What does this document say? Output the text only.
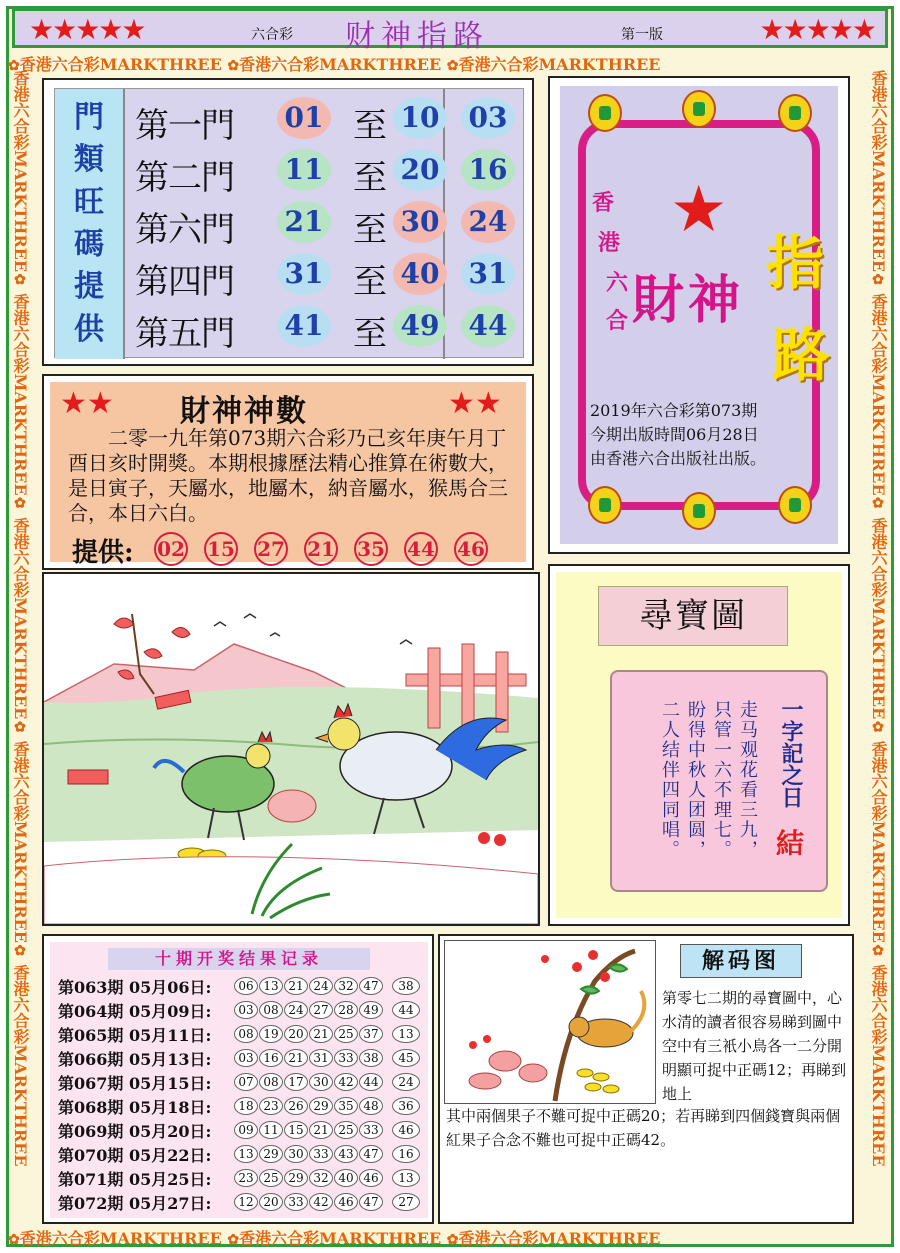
★★★★★	六合彩 财神指路	第一版	★★★★★
✿香港六合彩MARKTHREE ✿香港六合彩MARKTHREE ✿香港六合彩MARKTHREE
✿香港六合彩MARKTHREE ✿香港六合彩MARKTHREE ✿香港六合彩MARKTHREE
香港六合彩MARKTHREE✿ 香港六合彩MARKTHREE✿ 香港六合彩MARKTHREE✿ 香港六合彩MARKTHREE✿ 香港六合彩MARKTHREE
香港六合彩MARKTHREE✿ 香港六合彩MARKTHREE✿ 香港六合彩MARKTHREE✿ 香港六合彩MARKTHREE✿ 香港六合彩MARKTHREE
門
類
旺
碼
提
供
第一門 01 至 10 03
第二門 11 至 20 16
第六門 21 至 30 24
第四門 31 至 40 31
第五門 41 至 49 44
★
香
港
六
合 財 神
指
路
2019年六合彩第073期
今期出版時間06月28日
由香港六合出版社出版。
★★ 財神神數	★★
二零一九年第073期六合彩乃己亥年庚午月丁酉日亥时開獎。本期根據歷法精心推算在術數大，是日寅子，天屬水，地屬木，納音屬水，猴馬合三合，本日六白。
提供: 02 15 27 21 35 44 46
尋寶圖
走马观花看三九，
只管一六不理七。
盼得中秋人团圆，
二人结伴四同唱。	一字記之日
結
十期开奖结果记录
第063期 05月06日:	06 13 21 24 32 47	38
第064期 05月09日:	03 08 24 27 28 49	44
第065期 05月11日:	08 19 20 21 25 37	13
第066期 05月13日:	03 16 21 31 33 38	45
第067期 05月15日:	07 08 17 30 42 44	24
第068期 05月18日:	18 23 26 29 35 48	36
第069期 05月20日:	09 11 15 21 25 33	46
第070期 05月22日:	13 29 30 33 43 47	16
第071期 05月25日:	23 25 29 32 40 46	13
第072期 05月27日:	12 20 33 42 46 47	27
解码图
第零七二期的尋寶圖中，心水清的讀者很容易睇到圖中空中有三衹小鳥各一二分開明顯可捉中正碼12；再睇到地上
其中兩個果子不難可捉中正碼20；若再睇到四個錢寶與兩個紅果子合念不難也可捉中正碼42。
